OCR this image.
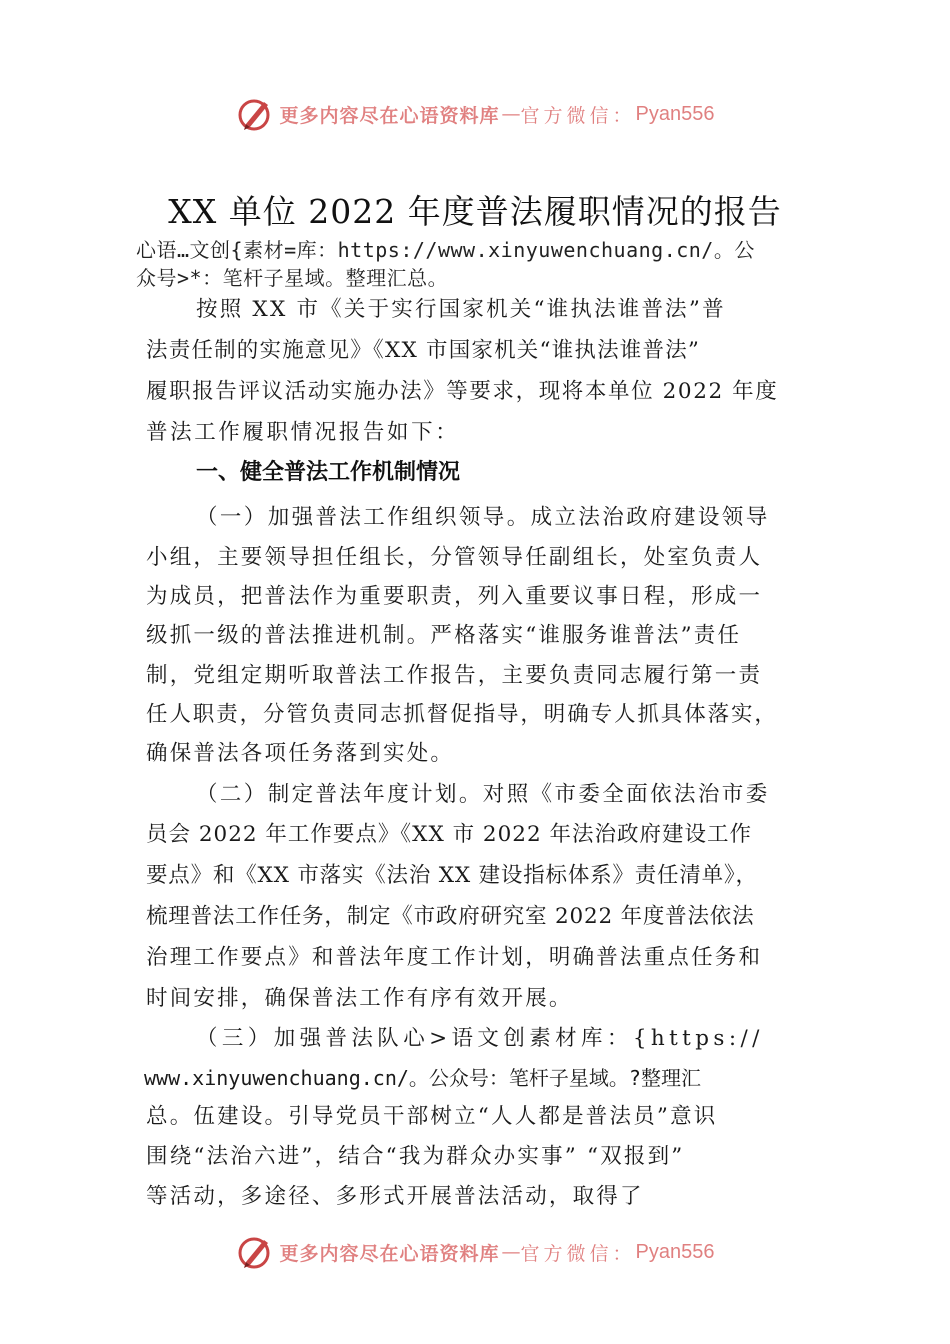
更多内容尽在心语资料库 — 官方微信： Pyan556
XX 单位 2022 年度普法履职情况的报告
心语…文创{素材=库：https://www.xinyuwenchuang.cn/。公
众号>*：笔杆子星域。整理汇总。
按照 XX 市《关于实行国家机关“谁执法谁普法”普
法责任制的实施意见》《XX 市国家机关“谁执法谁普法”
履职报告评议活动实施办法》等要求，现将本单位 2022 年度
普法工作履职情况报告如下：
一、健全普法工作机制情况
（一）加强普法工作组织领导。成立法治政府建设领导
小组，主要领导担任组长，分管领导任副组长，处室负责人
为成员，把普法作为重要职责，列入重要议事日程，形成一
级抓一级的普法推进机制。严格落实“谁服务谁普法”责任
制，党组定期听取普法工作报告，主要负责同志履行第一责
任人职责，分管负责同志抓督促指导，明确专人抓具体落实，
确保普法各项任务落到实处。
（二）制定普法年度计划。对照《市委全面依法治市委
员会 2022 年工作要点》《XX 市 2022 年法治政府建设工作
要点》和《XX 市落实《法治 XX 建设指标体系》责任清单》，
梳理普法工作任务，制定《市政府研究室 2022 年度普法依法
治理工作要点》和普法年度工作计划，明确普法重点任务和
时间安排，确保普法工作有序有效开展。
（三）加强普法队心>语文创素材库：{https://
www.xinyuwenchuang.cn/。公众号：笔杆子星域。?整理汇
总。伍建设。引导党员干部树立“人人都是普法员”意识
围绕“法治六进”，结合“我为群众办实事” “双报到”
等活动，多途径、多形式开展普法活动，取得了
更多内容尽在心语资料库 — 官方微信： Pyan556
